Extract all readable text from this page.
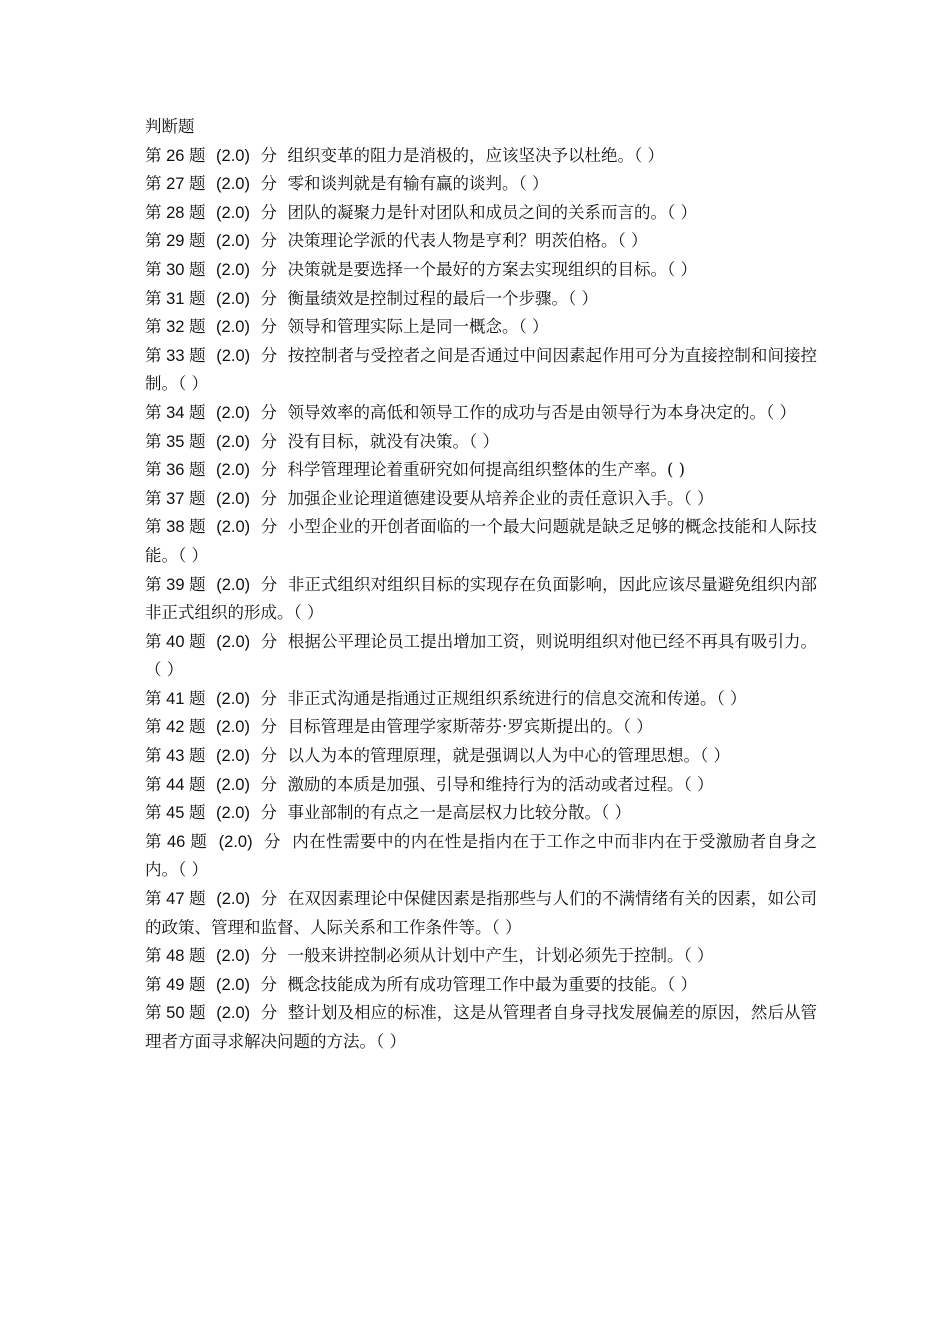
判断题

第 26 题 (2.0) 分 组织变革的阻力是消极的，应该坚决予以杜绝。（ ）

第 27 题 (2.0) 分 零和谈判就是有输有赢的谈判。（ ）

第 28 题 (2.0) 分 团队的凝聚力是针对团队和成员之间的关系而言的。（ ）

第 29 题 (2.0) 分 决策理论学派的代表人物是亨利？明茨伯格。（ ）

第 30 题 (2.0) 分 决策就是要选择一个最好的方案去实现组织的目标。（ ）

第 31 题 (2.0) 分 衡量绩效是控制过程的最后一个步骤。（ ）

第 32 题 (2.0) 分 领导和管理实际上是同一概念。（ ）

第 33 题 (2.0) 分 按控制者与受控者之间是否通过中间因素起作用可分为直接控制和间接控制。（ ）

第 34 题 (2.0) 分 领导效率的高低和领导工作的成功与否是由领导行为本身决定的。（ ）

第 35 题 (2.0) 分 没有目标，就没有决策。（ ）

第 36 题 (2.0) 分 科学管理理论着重研究如何提高组织整体的生产率。( )

第 37 题 (2.0) 分 加强企业论理道德建设要从培养企业的责任意识入手。（ ）

第 38 题 (2.0) 分 小型企业的开创者面临的一个最大问题就是缺乏足够的概念技能和人际技能。（ ）

第 39 题 (2.0) 分 非正式组织对组织目标的实现存在负面影响，因此应该尽量避免组织内部非正式组织的形成。（ ）

第 40 题 (2.0) 分 根据公平理论员工提出增加工资，则说明组织对他已经不再具有吸引力。（ ）

第 41 题 (2.0) 分 非正式沟通是指通过正规组织系统进行的信息交流和传递。（ ）

第 42 题 (2.0) 分 目标管理是由管理学家斯蒂芬·罗宾斯提出的。（ ）

第 43 题 (2.0) 分 以人为本的管理原理，就是强调以人为中心的管理思想。（ ）

第 44 题 (2.0) 分 激励的本质是加强、引导和维持行为的活动或者过程。（ ）

第 45 题 (2.0) 分 事业部制的有点之一是高层权力比较分散。（ ）

第 46 题 (2.0) 分 内在性需要中的内在性是指内在于工作之中而非内在于受激励者自身之内。（ ）

第 47 题 (2.0) 分 在双因素理论中保健因素是指那些与人们的不满情绪有关的因素，如公司的政策、管理和监督、人际关系和工作条件等。（ ）

第 48 题 (2.0) 分 一般来讲控制必须从计划中产生，计划必须先于控制。（ ）

第 49 题 (2.0) 分 概念技能成为所有成功管理工作中最为重要的技能。（ ）

第 50 题 (2.0) 分 整计划及相应的标准，这是从管理者自身寻找发展偏差的原因，然后从管理者方面寻求解决问题的方法。（ ）
